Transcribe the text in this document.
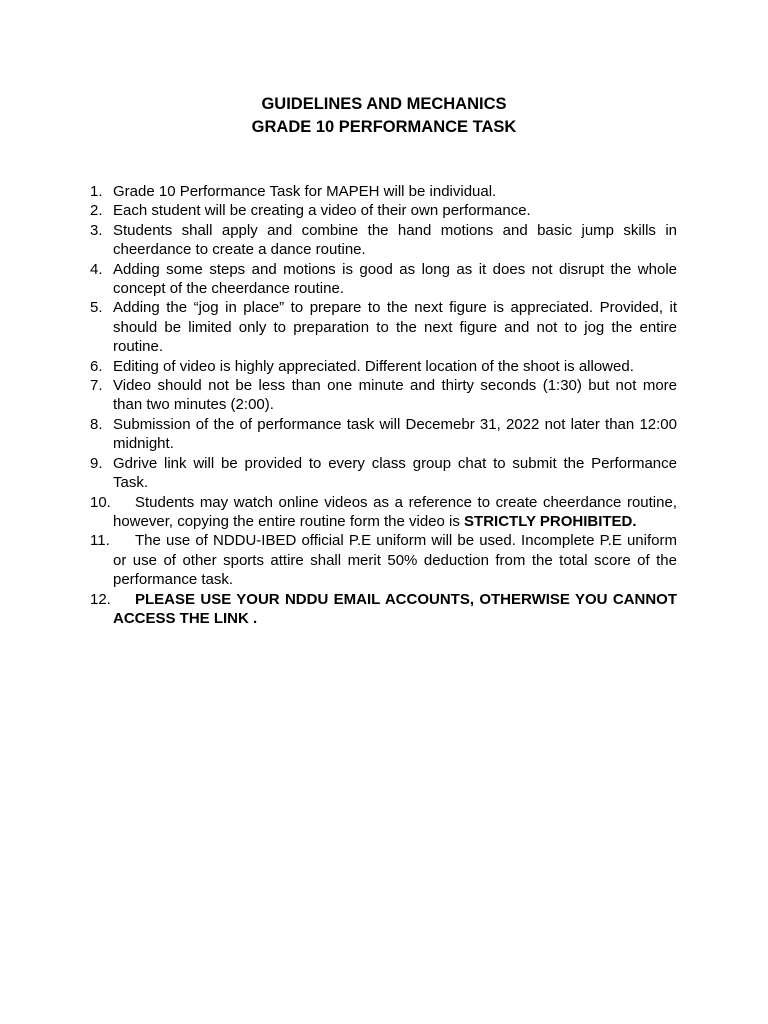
GUIDELINES AND MECHANICS
GRADE 10 PERFORMANCE TASK
1. Grade 10 Performance Task for MAPEH will be individual.
2. Each student will be creating a video of their own performance.
3. Students shall apply and combine the hand motions and basic jump skills in cheerdance to create a dance routine.
4. Adding some steps and motions is good as long as it does not disrupt the whole  concept of the cheerdance routine.
5. Adding the “jog in place” to prepare to the next figure is appreciated. Provided, it should be limited only to preparation to the next figure and not to jog the entire routine.
6. Editing of video is highly appreciated. Different location of the shoot is allowed.
7. Video should not be less than one minute and thirty seconds (1:30) but not more than two minutes (2:00).
8. Submission of the of performance task will Decemebr 31, 2022 not later than 12:00 midnight.
9. Gdrive link will be provided to every class group chat to submit the Performance Task.
10. Students may watch online videos as a reference to create cheerdance routine, however, copying the entire routine form the video is STRICTLY PROHIBITED.
11. The use of NDDU-IBED official P.E uniform will be used. Incomplete P.E uniform or use of other sports attire shall merit 50% deduction from the total score of the performance task.
12. PLEASE USE YOUR NDDU EMAIL ACCOUNTS, OTHERWISE YOU CANNOT ACCESS THE LINK .
